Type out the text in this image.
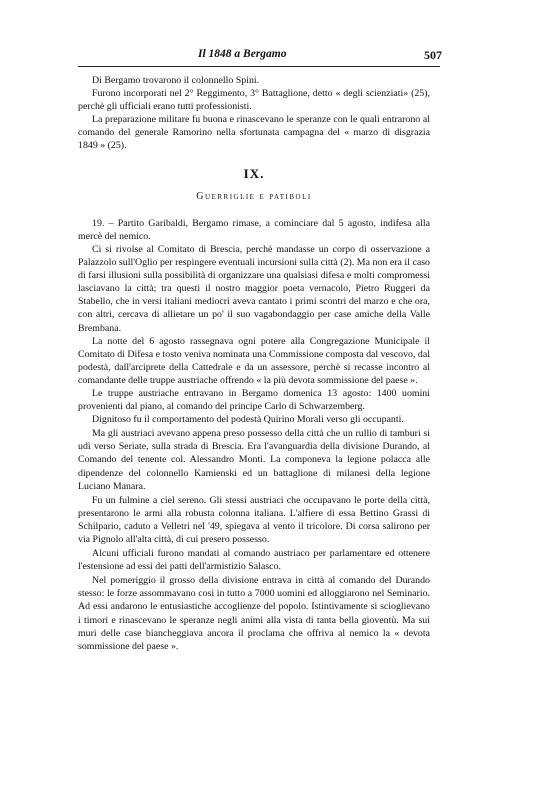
Il 1848 a Bergamo	507

Di Bergamo trovarono il colonnello Spini.

Furono incorporati nel 2° Reggimento, 3° Battaglione, detto « degli scienziati» (25), perchè gli ufficiali erano tutti professionisti.

La preparazione militare fu buona e rinascevano le speranze con le quali entrarono al comando del generale Ramorino nella sfortunata campagna del « marzo di disgrazia 1849 » (25).

IX.
Guerriglie e patiboli

19. – Partito Garibaldi, Bergamo rimase, a cominciare dal 5 agosto, indifesa alla mercè del nemico.

Ci si rivolse al Comitato di Brescia, perchè mandasse un corpo di osservazione a Palazzolo sull'Oglio per respingere eventuali incursioni sulla città (2). Ma non era il caso di farsi illusioni sulla possibilità di organizzare una qualsiasi difesa e molti compromessi lasciavano la città; tra questi il nostro maggior poeta vernacolo, Pietro Ruggeri da Stabello, che in versi italiani mediocri aveva cantato i primi scontri del marzo e che ora, con altri, cercava di allietare un po' il suo vagabondaggio per case amiche della Valle Brembana.

La notte del 6 agosto rassegnava ogni potere alla Congregazione Municipale il Comitato di Difesa e tosto veniva nominata una Commissione composta dal vescovo, dal podestà, dall'arciprete della Cattedrale e da un assessore, perchè si recasse incontro al comandante delle truppe austriache offrendo « la più devota sommissione del paese ».

Le truppe austriache entravano in Bergamo domenica 13 agosto: 1400 uomini provenienti dal piano, al comando del principe Carlo di Schwarzemberg.

Dignitoso fu il comportamento del podestà Quirino Morali verso gli occupanti.

Ma gli austriaci avevano appena preso possesso della città che un rullio di tamburi si udì verso Seriate, sulla strada di Brescia. Era l'avanguardia della divisione Durando, al Comando del tenente col. Alessandro Monti. La componeva la legione polacca alle dipendenze del colonnello Kamienski ed un battaglione di milanesi della legione Luciano Manara.

Fu un fulmine a ciel sereno. Gli stessi austriaci che occupavano le porte della città, presentarono le armi alla robusta colonna italiana. L'alfiere di essa Bettino Grassi di Schilpario, caduto a Velletri nel '49, spiegava al vento il tricolore. Di corsa salirono per via Pignolo all'alta città, di cui presero possesso.

Alcuni ufficiali furono mandati al comando austriaco per parlamentare ed ottenere l'estensione ad essi dei patti dell'armistizio Salasco.

Nel pomeriggio il grosso della divisione entrava in città al comando del Durando stesso: le forze assommavano così in tutto a 7000 uomini ed alloggiarono nel Seminario. Ad essi andarono le entusiastiche accoglienze del popolo. Istintivamente si scioglievano i timori e rinascevano le speranze negli animi alla vista di tanta bella gioventù. Ma sui muri delle case biancheggiava ancora il proclama che offriva al nemico la « devota sommissione del paese ».
